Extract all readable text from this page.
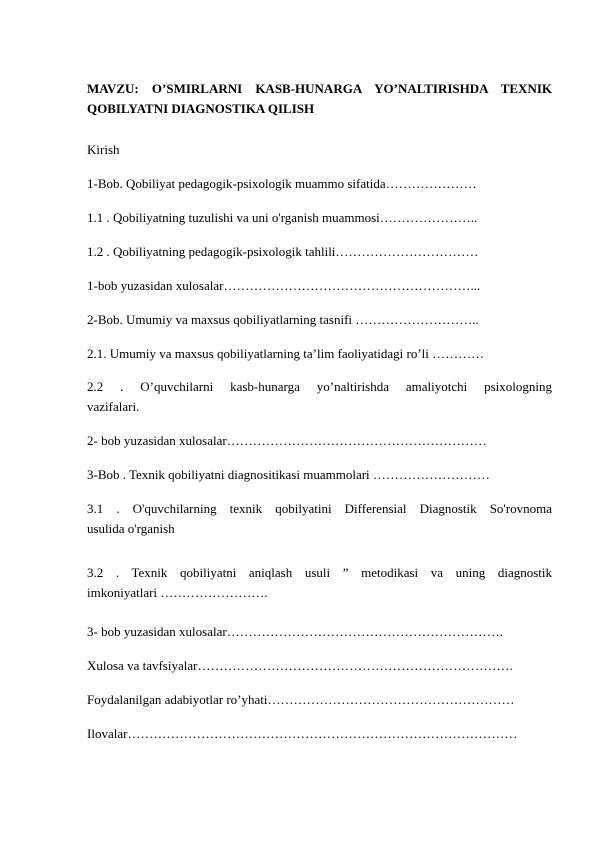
MAVZU: O’SMIRLARNI KASB-HUNARGA YO’NALTIRISHDA TEXNIK
QOBILYATNI DIAGNOSTIKA QILISH
Kirish
1-Bob. Qobiliyat pedagogik-psixologik muammo sifatida…………………
1.1 . Qobiliyatning tuzulishi va uni o'rganish muammosi…………………..
1.2 . Qobiliyatning pedagogik-psixologik tahlili……………………………
1-bob yuzasidan xulosalar…………………………………………………...
2-Bob. Umumiy va maxsus qobiliyatlarning tasnifi ………………………..
2.1. Umumiy va maxsus qobiliyatlarning ta’lim faoliyatidagi ro’li …………
2.2 . O’quvchilarni kasb-hunarga yo’naltirishda amaliyotchi psixologning
vazifalari.
2- bob yuzasidan xulosalar……………………………………………………
3-Bob . Texnik qobiliyatni diagnositikasi muammolari ………………………
3.1 . O'quvchilarning texnik qobilyatini Differensial Diagnostik So'rovnoma
usulida o'rganish
3.2 . Texnik qobiliyatni aniqlash usuli ” metodikasi va uning diagnostik
imkoniyatlari …………………….
3- bob yuzasidan xulosalar……………………………………………………….
Xulosa va tavfsiyalar……………………………………………………………….
Foydalanilgan adabiyotlar ro’yhati…………………………………………………
Ilovalar………………………………………………………………………………
